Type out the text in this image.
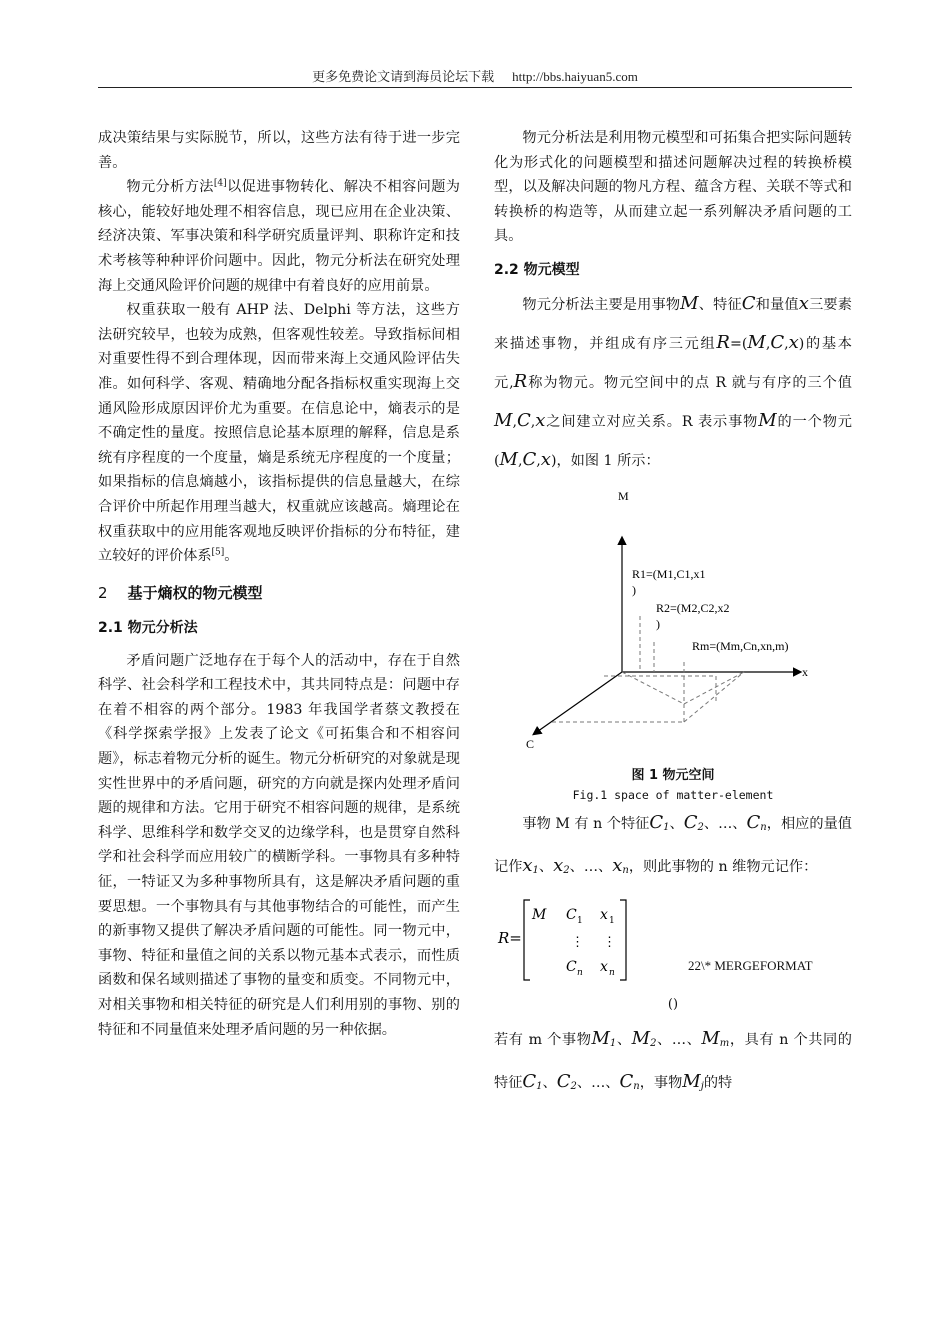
更多免费论文请到海员论坛下载 http://bbs.haiyuan5.com

成决策结果与实际脱节，所以，这些方法有待于进一步完善。

物元分析方法[4]以促进事物转化、解决不相容问题为核心，能较好地处理不相容信息，现已应用在企业决策、经济决策、军事决策和科学研究质量评判、职称许定和技术考核等种种评价问题中。因此，物元分析法在研究处理海上交通风险评价问题的规律中有着良好的应用前景。

权重获取一般有 AHP 法、Delphi 等方法，这些方法研究较早，也较为成熟，但客观性较差。导致指标间相对重要性得不到合理体现，因而带来海上交通风险评估失准。如何科学、客观、精确地分配各指标权重实现海上交通风险形成原因评价尤为重要。在信息论中，熵表示的是不确定性的量度。按照信息论基本原理的解释，信息是系统有序程度的一个度量，熵是系统无序程度的一个度量；如果指标的信息熵越小，该指标提供的信息量越大，在综合评价中所起作用理当越大，权重就应该越高。熵理论在权重获取中的应用能客观地反映评价指标的分布特征，建立较好的评价体系[5]。

2 基于熵权的物元模型
2.1 物元分析法

矛盾问题广泛地存在于每个人的活动中，存在于自然科学、社会科学和工程技术中，其共同特点是：问题中存在着不相容的两个部分。1983 年我国学者蔡文教授在《科学探索学报》上发表了论文《可拓集合和不相容问题》，标志着物元分析的诞生。物元分析研究的对象就是现实性世界中的矛盾问题，研究的方向就是探内处理矛盾问题的规律和方法。它用于研究不相容问题的规律，是系统科学、思维科学和数学交叉的边缘学科，也是贯穿自然科学和社会科学而应用较广的横断学科。一事物具有多种特征，一特证又为多种事物所具有，这是解决矛盾问题的重要思想。一个事物具有与其他事物结合的可能性，而产生的新事物又提供了解决矛盾问题的可能性。同一物元中，事物、特征和量值之间的关系以物元基本式表示，而性质函数和保名域则描述了事物的量变和质变。不同物元中，对相关事物和相关特征的研究是人们利用别的事物、别的特征和不同量值来处理矛盾问题的另一种依据。

物元分析法是利用物元模型和可拓集合把实际问题转化为形式化的问题模型和描述问题解决过程的转换桥模型，以及解决问题的物凡方程、蕴含方程、关联不等式和转换桥的构造等，从而建立起一系列解决矛盾问题的工具。

2.2 物元模型

物元分析法主要是用事物M、特征C和量值x三要素来描述事物，并组成有序三元组R=(M,C,x)的基本元,R称为物元。物元空间中的点 R 就与有序的三个值M,C,x之间建立对应关系。R 表示事物M的一个物元(M,C,x)，如图 1 所示：

M
x
C
R1=(M1,C1,x1
)
R2=(M2,C2,x2
)
Rm=(Mm,Cn,xn,m)
图 1 物元空间
Fig.1 space of matter-element

事物 M 有 n 个特征$C_1$、$C_2$、…、$C_n$，相应的量值记作$x_1$、$x_2$、…、$x_n$，则此事物的 n 维物元记作：

R=
M C 1 x 1
⋮ ⋮
C n x n	22\* MERGEFORMAT
()

若有 m 个事物$M_1$、$M_2$、…、$M_m$，具有 n 个共同的特征$C_1$、$C_2$、…、$C_n$，事物$M_j$的特
